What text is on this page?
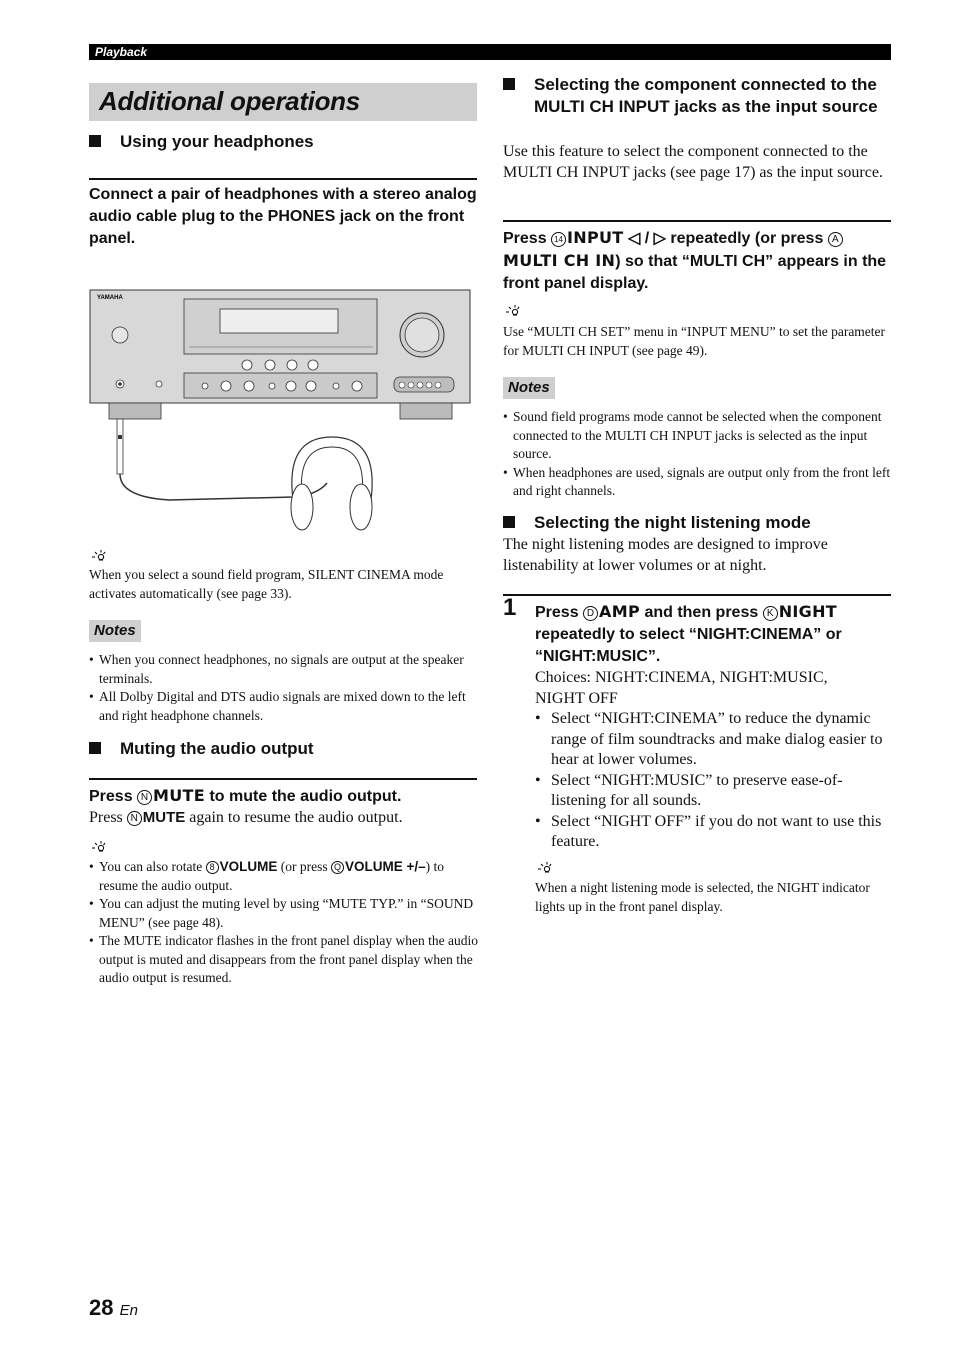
Playback
Additional operations
Using your headphones
Connect a pair of headphones with a stereo analog audio cable plug to the PHONES jack on the front panel.
YAMAHA
When you select a sound field program, SILENT CINEMA mode activates automatically (see page 33).
Notes
• When you connect headphones, no signals are output at the speaker terminals.
• All Dolby Digital and DTS audio signals are mixed down to the left and right headphone channels.
Muting the audio output
Press N MUTE to mute the audio output.
Press N MUTE again to resume the audio output.
• You can also rotate 8 VOLUME (or press Q VOLUME +/–) to resume the audio output.
• You can adjust the muting level by using “MUTE TYP.” in “SOUND MENU” (see page 48).
• The MUTE indicator flashes in the front panel display when the audio output is muted and disappears from the front panel display when the audio output is resumed.
Selecting the component connected to the MULTI CH INPUT jacks as the input source
Use this feature to select the component connected to the MULTI CH INPUT jacks (see page 17) as the input source.
Press 14 INPUT ◁ / ▷ repeatedly (or press AMULTI CH IN) so that “MULTI CH” appears in the front panel display.
Use “MULTI CH SET” menu in “INPUT MENU” to set the parameter for MULTI CH INPUT (see page 49).
Notes
• Sound field programs mode cannot be selected when the component connected to the MULTI CH INPUT jacks is selected as the input source.
• When headphones are used, signals are output only from the front left and right channels.
Selecting the night listening mode
The night listening modes are designed to improve listenability at lower volumes or at night.
1 Press D AMP and then press K NIGHT repeatedly to select “NIGHT:CINEMA” or “NIGHT:MUSIC”.
Choices: NIGHT:CINEMA, NIGHT:MUSIC, NIGHT OFF
• Select “NIGHT:CINEMA” to reduce the dynamic range of film soundtracks and make dialog easier to hear at lower volumes.
• Select “NIGHT:MUSIC” to preserve ease-of-listening for all sounds.
• Select “NIGHT OFF” if you do not want to use this feature.
When a night listening mode is selected, the NIGHT indicator lights up in the front panel display.
28 En
